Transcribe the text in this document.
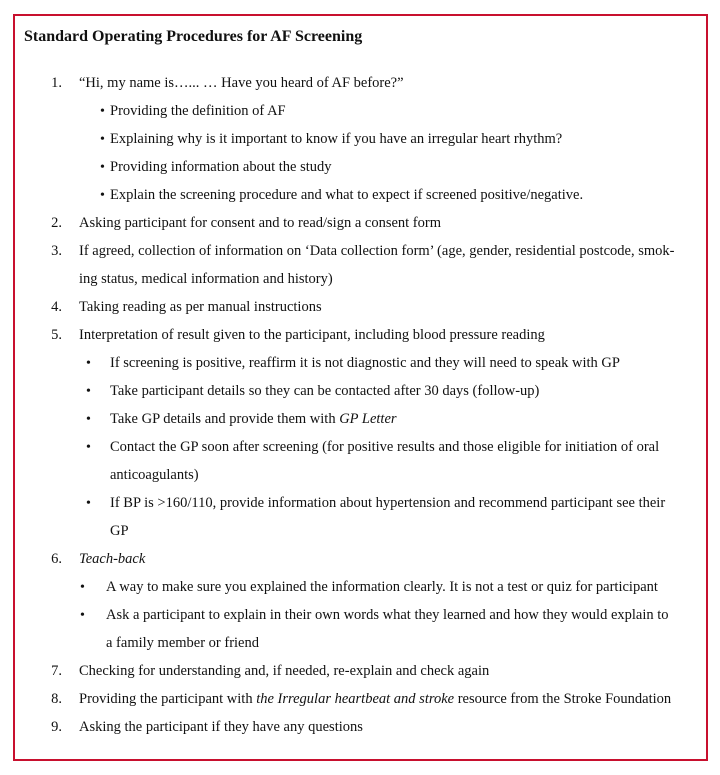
Standard Operating Procedures for AF Screening
1. “Hi, my name is…... … Have you heard of AF before?”
• Providing the definition of AF
• Explaining why is it important to know if you have an irregular heart rhythm?
• Providing information about the study
• Explain the screening procedure and what to expect if screened positive/negative.
2. Asking participant for consent and to read/sign a consent form
3. If agreed, collection of information on ‘Data collection form’ (age, gender, residential postcode, smok-
ing status, medical information and history)
4. Taking reading as per manual instructions
5. Interpretation of result given to the participant, including blood pressure reading
• If screening is positive, reaffirm it is not diagnostic and they will need to speak with GP
• Take participant details so they can be contacted after 30 days (follow-up)
• Take GP details and provide them with GP Letter
• Contact the GP soon after screening (for positive results and those eligible for initiation of oral
anticoagulants)
• If BP is >160/110, provide information about hypertension and recommend participant see their
GP
6. Teach-back
• A way to make sure you explained the information clearly. It is not a test or quiz for participant
• Ask a participant to explain in their own words what they learned and how they would explain to
a family member or friend
7. Checking for understanding and, if needed, re-explain and check again
8. Providing the participant with the Irregular heartbeat and stroke resource from the Stroke Foundation
9. Asking the participant if they have any questions
